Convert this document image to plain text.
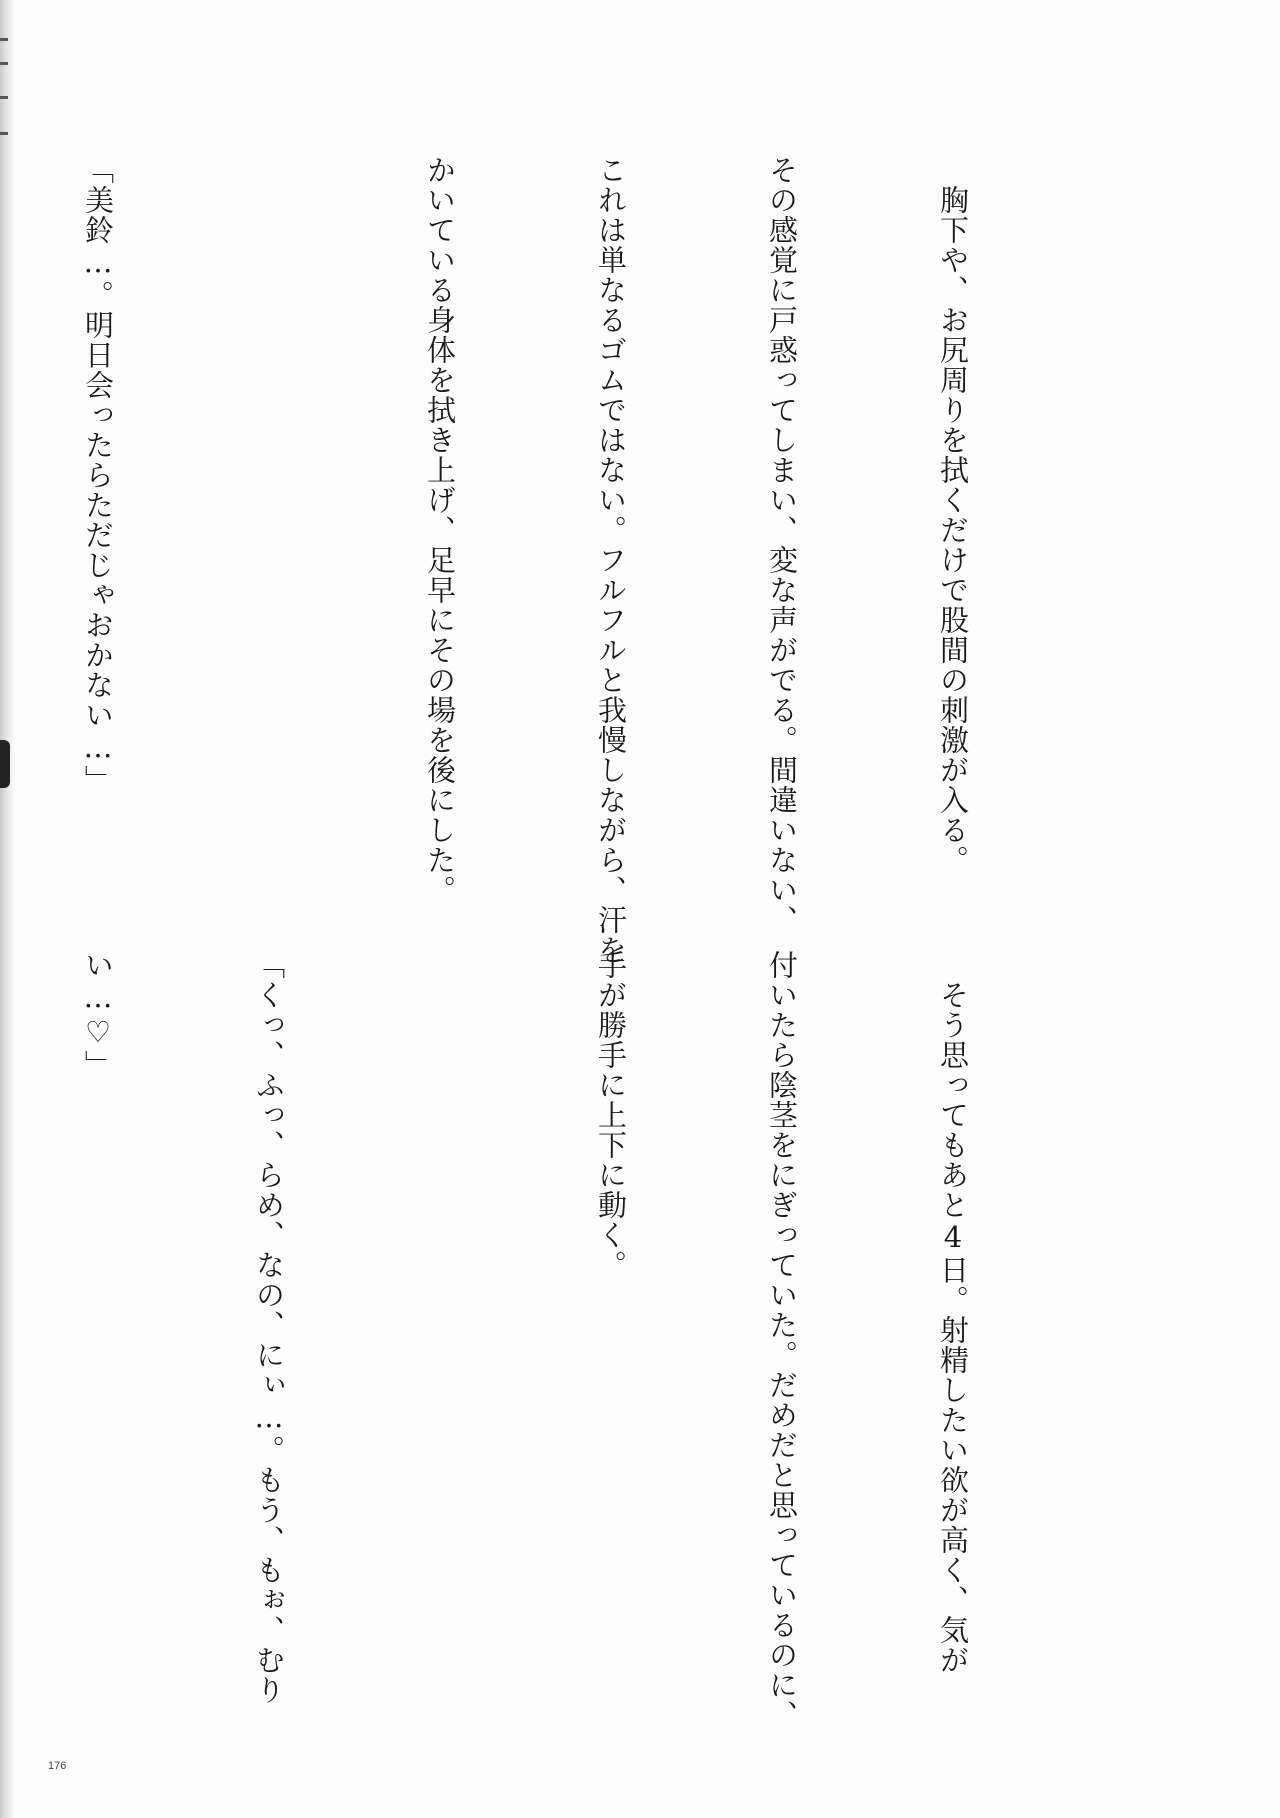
　胸下や、お尻周りを拭くだけで股間の刺激が入る。

その感覚に戸惑ってしまい、変な声がでる。間違いない、

これは単なるゴムではない。フルフルと我慢しながら、汗を

かいている身体を拭き上げ、足早にその場を後にした。

「美鈴…。明日会ったらただじゃおかない…」

　そう思ってもあと4日。射精したい欲が高く、気が

付いたら陰茎をにぎっていた。だめだと思っているのに、

手が勝手に上下に動く。

「くっ、ふっ、らめ、なの、にぃ…。もう、もぉ、むり

い…♡」

176
